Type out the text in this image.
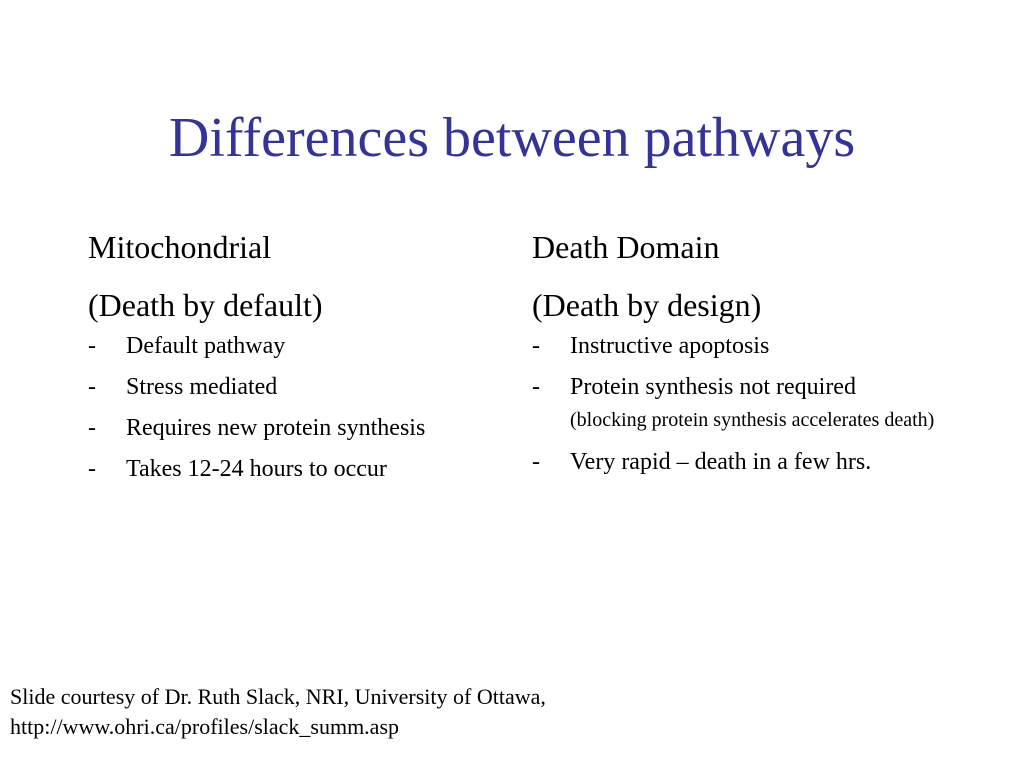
Differences between pathways
Mitochondrial
(Death by default)
- Default pathway
- Stress mediated
- Requires new protein synthesis
- Takes 12-24 hours to occur
Death Domain
(Death by design)
- Instructive apoptosis
- Protein synthesis not required
(blocking protein synthesis accelerates death)
- Very rapid – death in a few hrs.
Slide courtesy of Dr. Ruth Slack, NRI, University of Ottawa,
http://www.ohri.ca/profiles/slack_summ.asp
